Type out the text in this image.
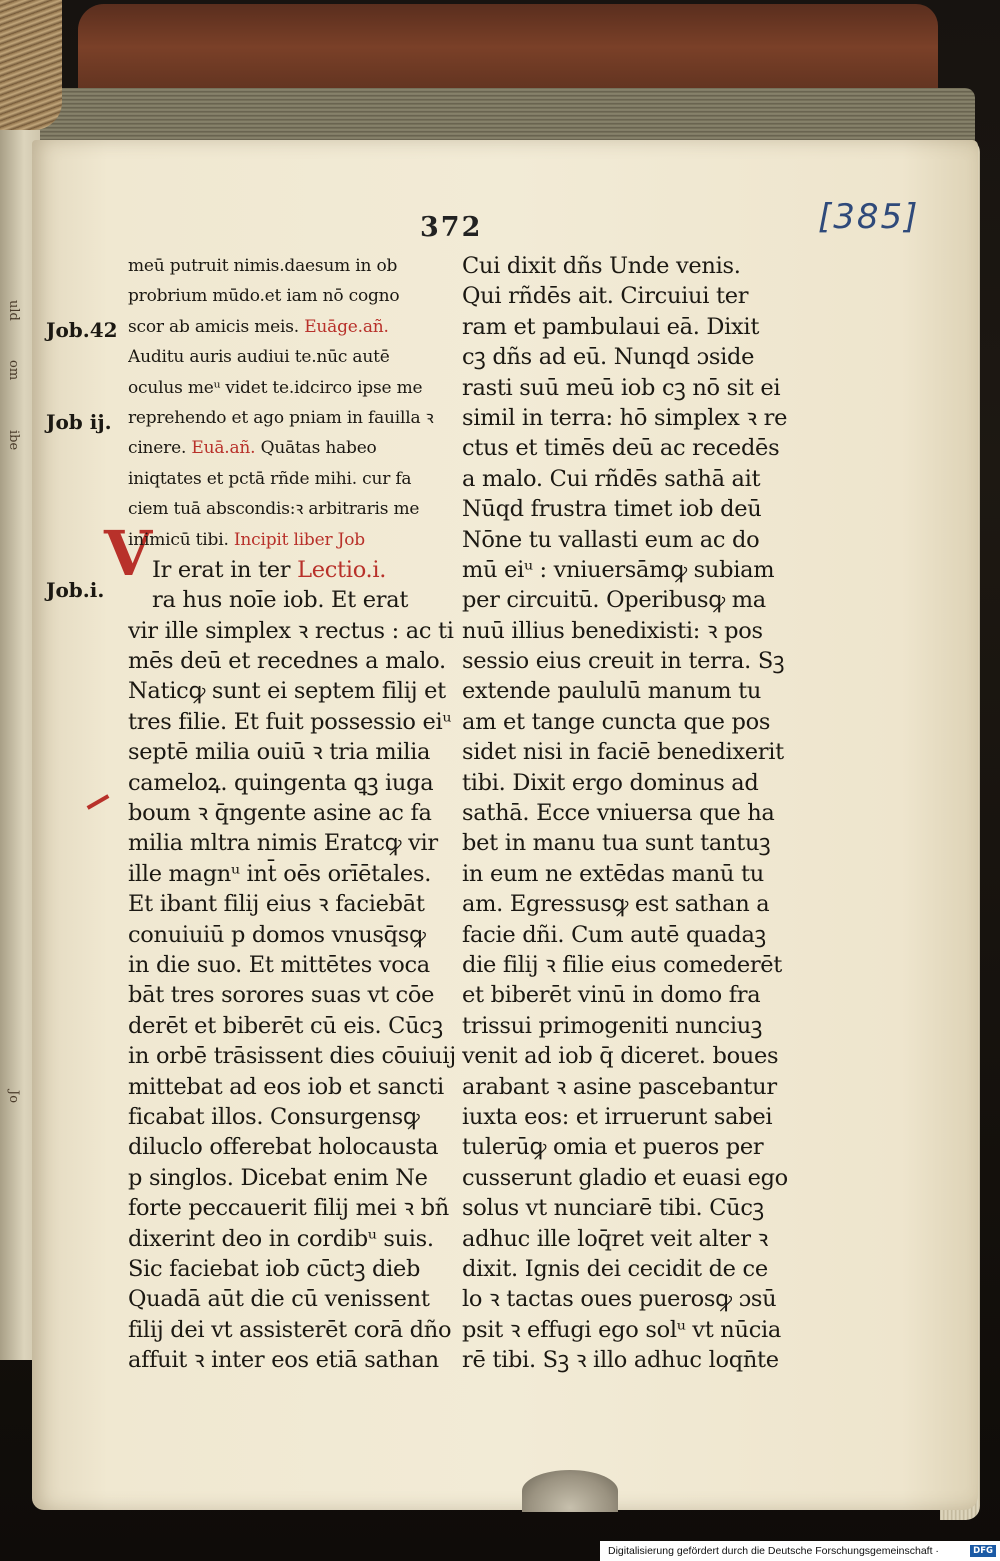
uld
om
ibe
Jo
372	[385]
Job.42
Job ij.
Job.i. V
meū putruit nimis.daesum in ob
probrium mūdo.et iam nō cogno
scor ab amicis meis. Euāge.añ.
Auditu auris audiui te.nūc autē
oculus meᵘ videt te.idcirco ipse me
reprehendo et ago pniam in fauilla ꝛ
cinere. Euā.añ. Quātas habeo
iniqtates et pctā rñde mihi. cur fa
ciem tuā abscondis:ꝛ arbitraris me
inimicū tibi. Incipit liber Job
Ir erat in ter Lectio.i.
ra hus noīe iob. Et erat
vir ille simplex ꝛ rectus : ac ti
mēs deū et recednes a malo.
Naticꝙ sunt ei septem filij et
tres filie. Et fuit possessio eiᵘ
septē milia ouiū ꝛ tria milia
cameloꝝ. quingenta ꝗꝫ iuga
boum ꝛ q̄ngente asine ac fa
milia mltra nimis Eratcꝙ vir
ille magnᵘ int̄ oēs orīētales.
Et ibant filij eius ꝛ faciebāt
conuiuiū p domos vnusq̄sꝙ
in die suo. Et mittētes voca
bāt tres sorores suas vt cōe
derēt et biberēt cū eis. Cūcꝫ
in orbē trāsissent dies cōuiuij
mittebat ad eos iob et sancti
ficabat illos. Consurgensꝙ
diluclo offerebat holocausta
p singlos. Dicebat enim Ne
forte peccauerit filij mei ꝛ bñ
dixerint deo in cordibᵘ suis.
Sic faciebat iob cūctꝫ dieb
Quadā aūt die cū venissent
filij dei vt assisterēt corā dño
affuit ꝛ inter eos etiā sathan
Cui dixit dñs Unde venis.
Qui rñdēs ait. Circuiui ter
ram et pambulaui eā. Dixit
cꝫ dñs ad eū. Nunqd ɔside
rasti suū meū iob cꝫ nō sit ei
simil in terra: hō simplex ꝛ re
ctus et timēs deū ac recedēs
a malo. Cui rñdēs sathā ait
Nūqd frustra timet iob deū
Nōne tu vallasti eum ac do
mū eiᵘ : vniuersāmꝙ subiam
per circuitū. Operibusꝙ ma
nuū illius benedixisti: ꝛ pos
sessio eius creuit in terra. Sꝫ
extende paululū manum tu
am et tange cuncta que pos
sidet nisi in faciē benedixerit
tibi. Dixit ergo dominus ad
sathā. Ecce vniuersa que ha
bet in manu tua sunt tantuꝫ
in eum ne extēdas manū tu
am. Egressusꝙ est sathan a
facie dñi. Cum autē quadaꝫ
die filij ꝛ filie eius comederēt
et biberēt vinū in domo fra
trissui primogeniti nunciuꝫ
venit ad iob q̄ diceret. boues
arabant ꝛ asine pascebantur
iuxta eos: et irruerunt sabei
tulerūꝙ omia et pueros per
cusserunt gladio et euasi ego
solus vt nunciarē tibi. Cūcꝫ
adhuc ille loq̄ret veit alter ꝛ
dixit. Ignis dei cecidit de ce
lo ꝛ tactas oues puerosꝙ ɔsū
psit ꝛ effugi ego solᵘ vt nūcia
rē tibi. Sꝫ ꝛ illo adhuc loqn̄te
Digitalisierung gefördert durch die Deutsche Forschungsgemeinschaft ·	DFG
